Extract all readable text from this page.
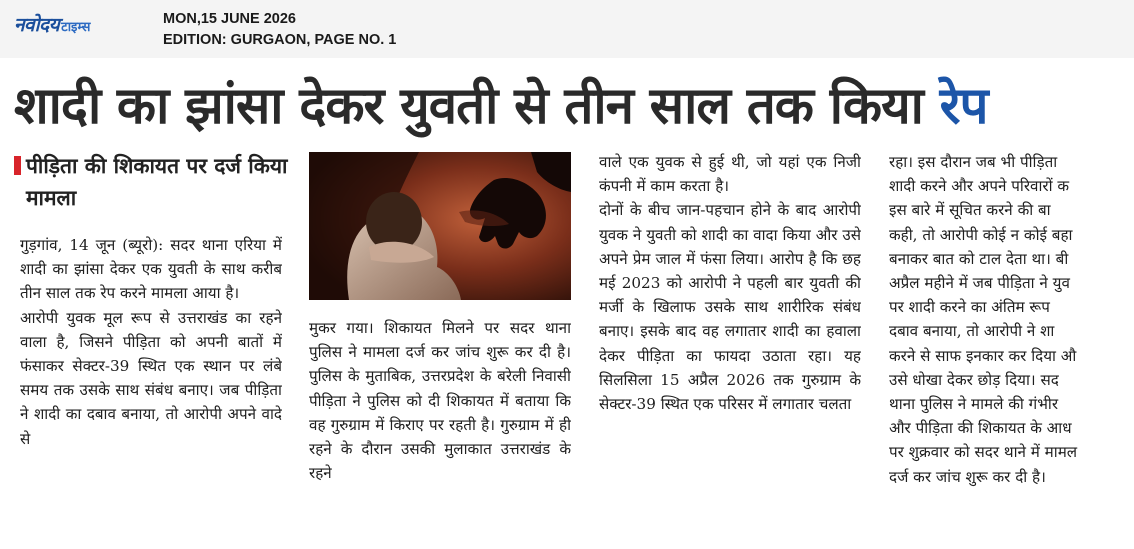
नवोदय टाइम्स
MON,15 JUNE 2026
EDITION: GURGAON, PAGE NO. 1
शादी का झांसा देकर युवती से तीन साल तक किया रेप
पीड़िता की शिकायत पर दर्ज किया मामला
गुड़गांव, 14 जून (ब्यूरो): सदर थाना एरिया में शादी का झांसा देकर एक युवती के साथ करीब तीन साल तक रेप करने मामला आया है।
आरोपी युवक मूल रूप से उत्तराखंड का रहने वाला है, जिसने पीड़िता को अपनी बातों में फंसाकर सेक्टर-39 स्थित एक स्थान पर लंबे समय तक उसके साथ संबंध बनाए। जब पीड़िता ने शादी का दबाव बनाया, तो आरोपी अपने वादे से
मुकर गया। शिकायत मिलने पर सदर थाना पुलिस ने मामला दर्ज कर जांच शुरू कर दी है। पुलिस के मुताबिक, उत्तरप्रदेश के बरेली निवासी पीड़िता ने पुलिस को दी शिकायत में बताया कि वह गुरुग्राम में किराए पर रहती है। गुरुग्राम में ही रहने के दौरान उसकी मुलाकात उत्तराखंड के रहने
वाले एक युवक से हुई थी, जो यहां एक निजी कंपनी में काम करता है।
दोनों के बीच जान-पहचान होने के बाद आरोपी युवक ने युवती को शादी का वादा किया और उसे अपने प्रेम जाल में फंसा लिया। आरोप है कि छह मई 2023 को आरोपी ने पहली बार युवती की मर्जी के खिलाफ उसके साथ शारीरिक संबंध बनाए। इसके बाद वह लगातार शादी का हवाला देकर पीड़िता का फायदा उठाता रहा। यह सिलसिला 15 अप्रैल 2026 तक गुरुग्राम के सेक्टर-39 स्थित एक परिसर में लगातार चलता
रहा। इस दौरान जब भी पीड़िता
शादी करने और अपने परिवारों क
इस बारे में सूचित करने की बा
कही, तो आरोपी कोई न कोई बहा
बनाकर बात को टाल देता था। बी
अप्रैल महीने में जब पीड़िता ने युव
पर शादी करने का अंतिम रूप
दबाव बनाया, तो आरोपी ने शा
करने से साफ इनकार कर दिया औ
उसे धोखा देकर छोड़ दिया। सद
थाना पुलिस ने मामले की गंभीर
और पीड़िता की शिकायत के आध
पर शुक्रवार को सदर थाने में मामल
दर्ज कर जांच शुरू कर दी है।
